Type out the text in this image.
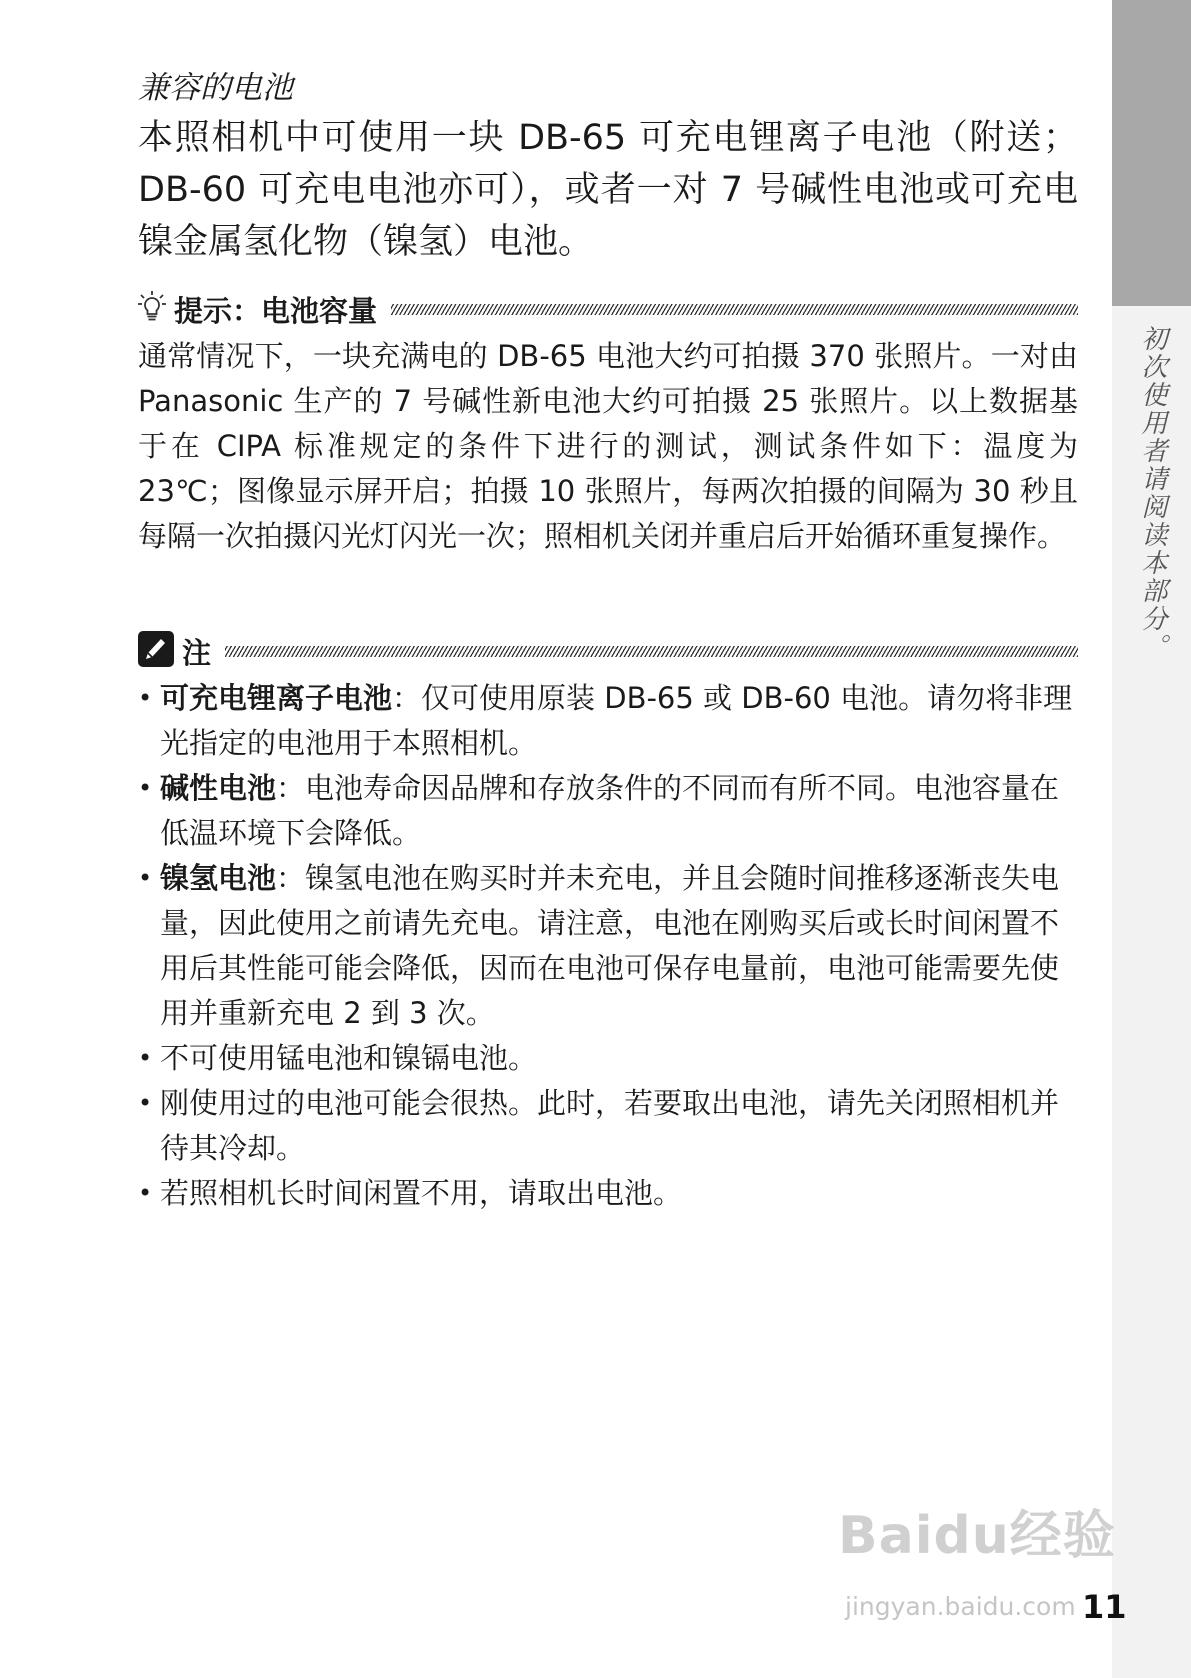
初次使用者请阅读本部分。
兼容的电池

本照相机中可使用一块 DB-65 可充电锂离子电池（附送；DB-60 可充电电池亦可），或者一对 7 号碱性电池或可充电镍金属氢化物（镍氢）电池。

提示：电池容量

通常情况下，一块充满电的 DB-65 电池大约可拍摄 370 张照片。一对由 Panasonic 生产的 7 号碱性新电池大约可拍摄 25 张照片。以上数据基于在 CIPA 标准规定的条件下进行的测试，测试条件如下：温度为 23℃；图像显示屏开启；拍摄 10 张照片，每两次拍摄的间隔为 30 秒且每隔一次拍摄闪光灯闪光一次；照相机关闭并重启后开始循环重复操作。

注
• 可充电锂离子电池：仅可使用原装 DB-65 或 DB-60 电池。请勿将非理光指定的电池用于本照相机。
• 碱性电池：电池寿命因品牌和存放条件的不同而有所不同。电池容量在低温环境下会降低。
• 镍氢电池：镍氢电池在购买时并未充电，并且会随时间推移逐渐丧失电量，因此使用之前请先充电。请注意，电池在刚购买后或长时间闲置不用后其性能可能会降低，因而在电池可保存电量前，电池可能需要先使用并重新充电 2 到 3 次。
• 不可使用锰电池和镍镉电池。
• 刚使用过的电池可能会很热。此时，若要取出电池，请先关闭照相机并待其冷却。
• 若照相机长时间闲置不用，请取出电池。
Baidu经验
jingyan.baidu.com 11
